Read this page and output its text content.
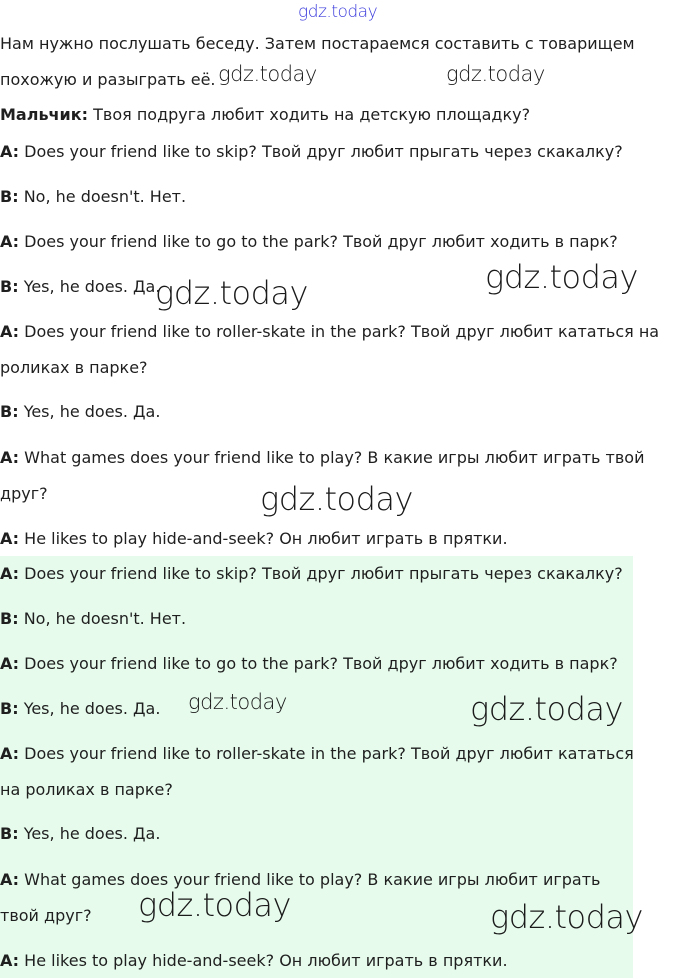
gdz.today

Нам нужно послушать беседу. Затем постараемся составить с товарищем

похожую и разыграть её.

Мальчик: Твоя подруга любит ходить на детскую площадку?

A: Does your friend like to skip? Твой друг любит прыгать через скакалку?

B: No, he doesn't. Нет.

A: Does your friend like to go to the park? Твой друг любит ходить в парк?

B: Yes, he does. Да.

A: Does your friend like to roller-skate in the park? Твой друг любит кататься на

роликах в парке?

B: Yes, he does. Да.

A: What games does your friend like to play? В какие игры любит играть твой

друг?

A: He likes to play hide-and-seek? Он любит играть в прятки.

A: Does your friend like to skip? Твой друг любит прыгать через скакалку?

B: No, he doesn't. Нет.

A: Does your friend like to go to the park? Твой друг любит ходить в парк?

B: Yes, he does. Да.

A: Does your friend like to roller-skate in the park? Твой друг любит кататься

на роликах в парке?

B: Yes, he does. Да.

A: What games does your friend like to play? В какие игры любит играть

твой друг?

A: He likes to play hide-and-seek? Он любит играть в прятки.

gdz.today	gdz.today
gdz.today
gdz.today
gdz.today
gdz.today	gdz.today
gdz.today	gdz.today
